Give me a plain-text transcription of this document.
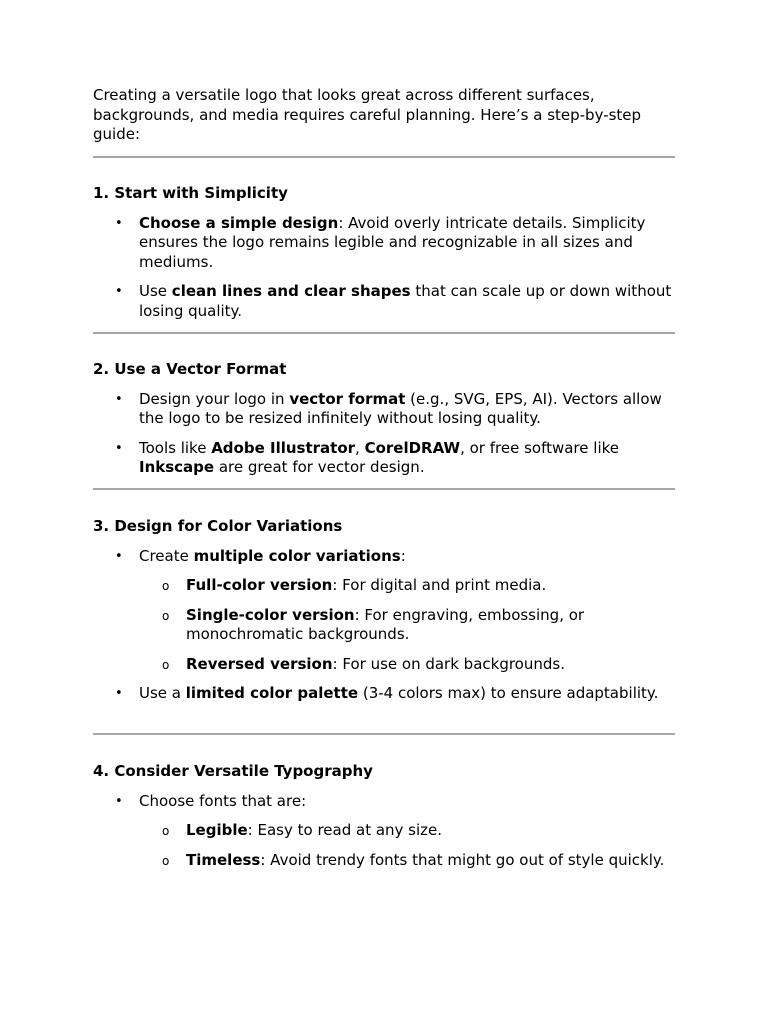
Creating a versatile logo that looks great across different surfaces, backgrounds, and media requires careful planning. Here’s a step-by-step guide:

1. Start with Simplicity
• Choose a simple design: Avoid overly intricate details. Simplicity ensures the logo remains legible and recognizable in all sizes and mediums.
• Use clean lines and clear shapes that can scale up or down without losing quality.
2. Use a Vector Format
• Design your logo in vector format (e.g., SVG, EPS, AI). Vectors allow the logo to be resized infinitely without losing quality.
• Tools like Adobe Illustrator, CorelDRAW, or free software like Inkscape are great for vector design.
3. Design for Color Variations
• Create multiple color variations:
o Full-color version: For digital and print media.
o Single-color version: For engraving, embossing, or monochromatic backgrounds.
o Reversed version: For use on dark backgrounds.
• Use a limited color palette (3-4 colors max) to ensure adaptability.
4. Consider Versatile Typography
• Choose fonts that are:
o Legible: Easy to read at any size.
o Timeless: Avoid trendy fonts that might go out of style quickly.
